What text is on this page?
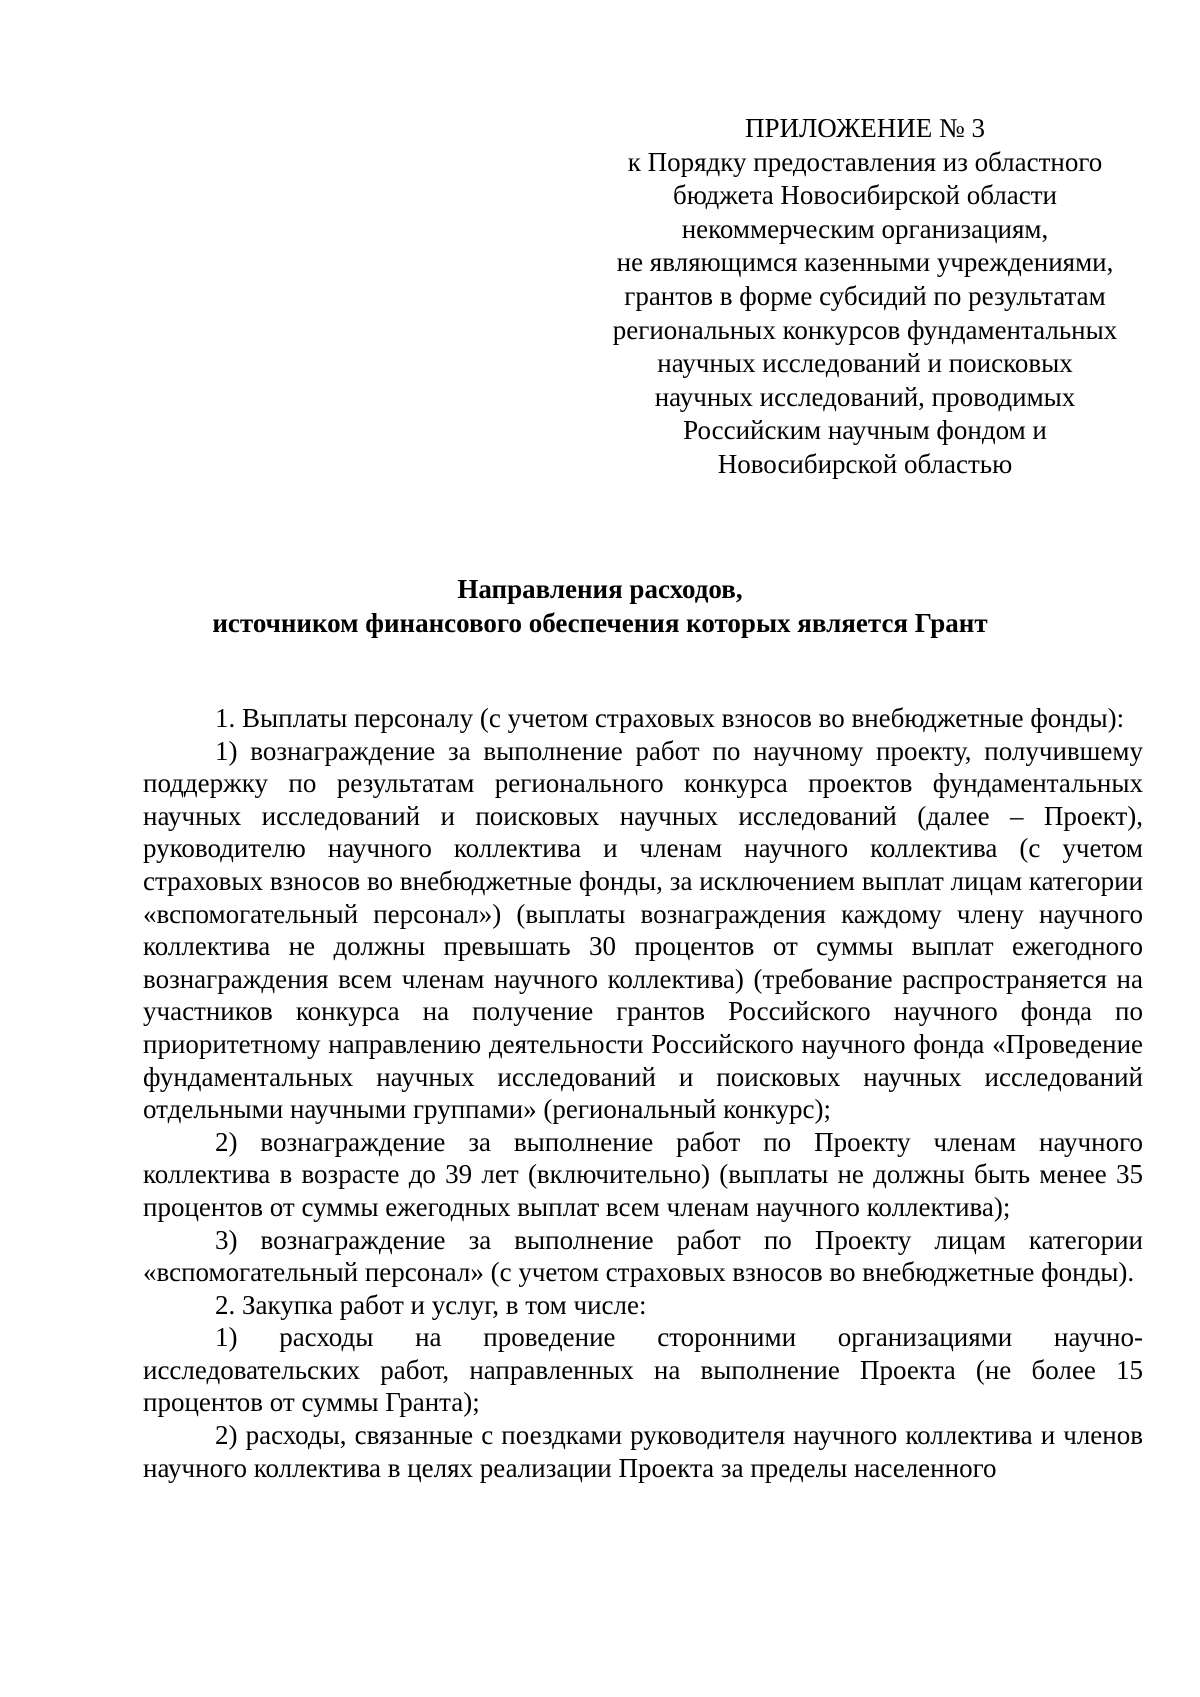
ПРИЛОЖЕНИЕ № 3
к Порядку предоставления из областного
бюджета Новосибирской области
некоммерческим организациям,
не являющимся казенными учреждениями,
грантов в форме субсидий по результатам
региональных конкурсов фундаментальных
научных исследований и поисковых
научных исследований, проводимых
Российским научным фондом и
Новосибирской областью
Направления расходов,
источником финансового обеспечения которых является Грант

1. Выплаты персоналу (с учетом страховых взносов во внебюджетные фонды):

1) вознаграждение за выполнение работ по научному проекту, получившему поддержку по результатам регионального конкурса проектов фундаментальных научных исследований и поисковых научных исследований (далее – Проект), руководителю научного коллектива и членам научного коллектива (с учетом страховых взносов во внебюджетные фонды, за исключением выплат лицам категории «вспомогательный персонал») (выплаты вознаграждения каждому члену научного коллектива не должны превышать 30 процентов от суммы выплат ежегодного вознаграждения всем членам научного коллектива) (требование распространяется на участников конкурса на получение грантов Российского научного фонда по приоритетному направлению деятельности Российского научного фонда «Проведение фундаментальных научных исследований и поисковых научных исследований отдельными научными группами» (региональный конкурс);

2) вознаграждение за выполнение работ по Проекту членам научного коллектива в возрасте до 39 лет (включительно) (выплаты не должны быть менее 35 процентов от суммы ежегодных выплат всем членам научного коллектива);

3) вознаграждение за выполнение работ по Проекту лицам категории «вспомогательный персонал» (с учетом страховых взносов во внебюджетные фонды).

2. Закупка работ и услуг, в том числе:

1) расходы на проведение сторонними организациями научно-исследовательских работ, направленных на выполнение Проекта (не более 15 процентов от суммы Гранта);

2) расходы, связанные с поездками руководителя научного коллектива и членов научного коллектива в целях реализации Проекта за пределы населенного
